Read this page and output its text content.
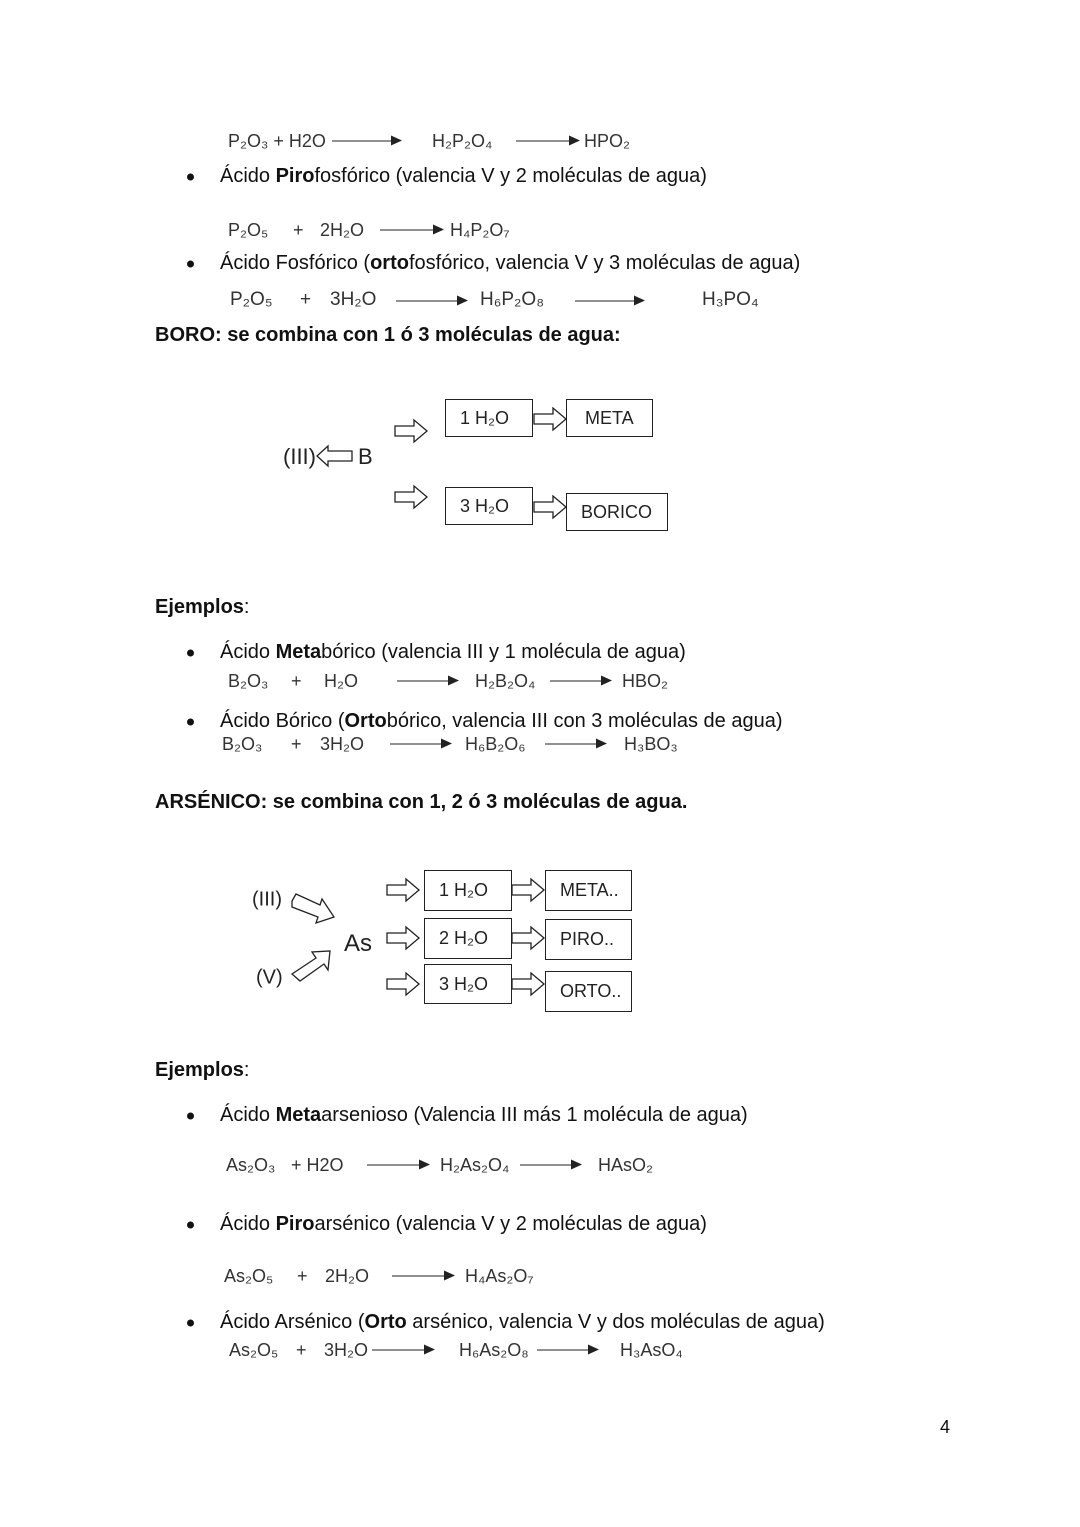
P₂O₃ + H2O	H₂P₂O₄	HPO₂
Ácido Pirofosfórico (valencia V y 2 moléculas de agua)
P₂O₅ + 2H₂O	H₄P₂O₇
Ácido Fosfórico (ortofosfórico, valencia V y 3 moléculas de agua)
P₂O₅ + 3H₂O	H₆P₂O₈	H₃PO₄
BORO: se combina con 1 ó 3 moléculas de agua:
(III) B
1 H₂O
3 H₂O
META
BORICO
Ejemplos:
Ácido Metabórico (valencia III y 1 molécula de agua)
B₂O₃ + H₂O	H₂B₂O₄	HBO₂
Ácido Bórico (Ortobórico, valencia III con 3 moléculas de agua)
B₂O₃ + 3H₂O	H₆B₂O₆	H₃BO₃
ARSÉNICO: se combina con 1, 2 ó 3 moléculas de agua.
(III)
(V)
As
1 H₂O
2 H₂O
3 H₂O
META..
PIRO..
ORTO..
Ejemplos:
Ácido Metaarsenioso (Valencia III más 1 molécula de agua)
As₂O₃ + H2O	H₂As₂O₄	HAsO₂
Ácido Piroarsénico (valencia V y 2 moléculas de agua)
As₂O₅ + 2H₂O	H₄As₂O₇
Ácido Arsénico (Orto arsénico, valencia V y dos moléculas de agua)
As₂O₅ + 3H₂O	H₆As₂O₈	H₃AsO₄
4
